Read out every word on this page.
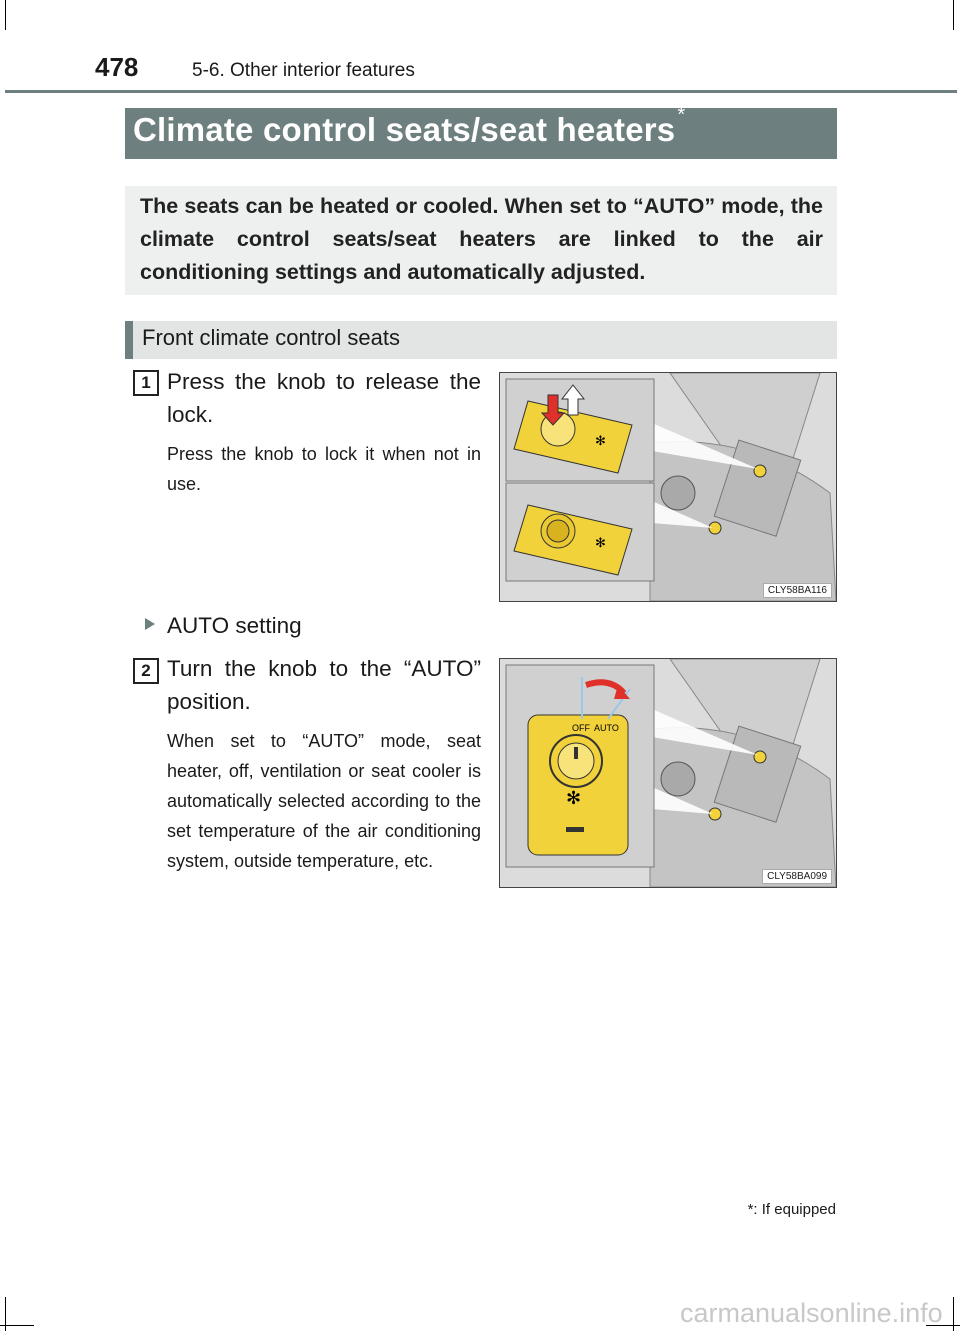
478	5-6. Other interior features
Climate control seats/seat heaters *
The seats can be heated or cooled. When set to “AUTO” mode, the climate control seats/seat heaters are linked to the air conditioning settings and automatically adjusted.
Front climate control seats
1 Press the knob to release the lock.
Press the knob to lock it when not in use.
✻
✻
CLY58BA116
AUTO setting
2 Turn the knob to the “AUTO” position.
When set to “AUTO” mode, seat heater, off, ventilation or seat cooler is automatically selected according to the set temperature of the air conditioning system, outside temperature, etc.
✻
OFF AUTO
CLY58BA099
*: If equipped
carmanualsonline.info
